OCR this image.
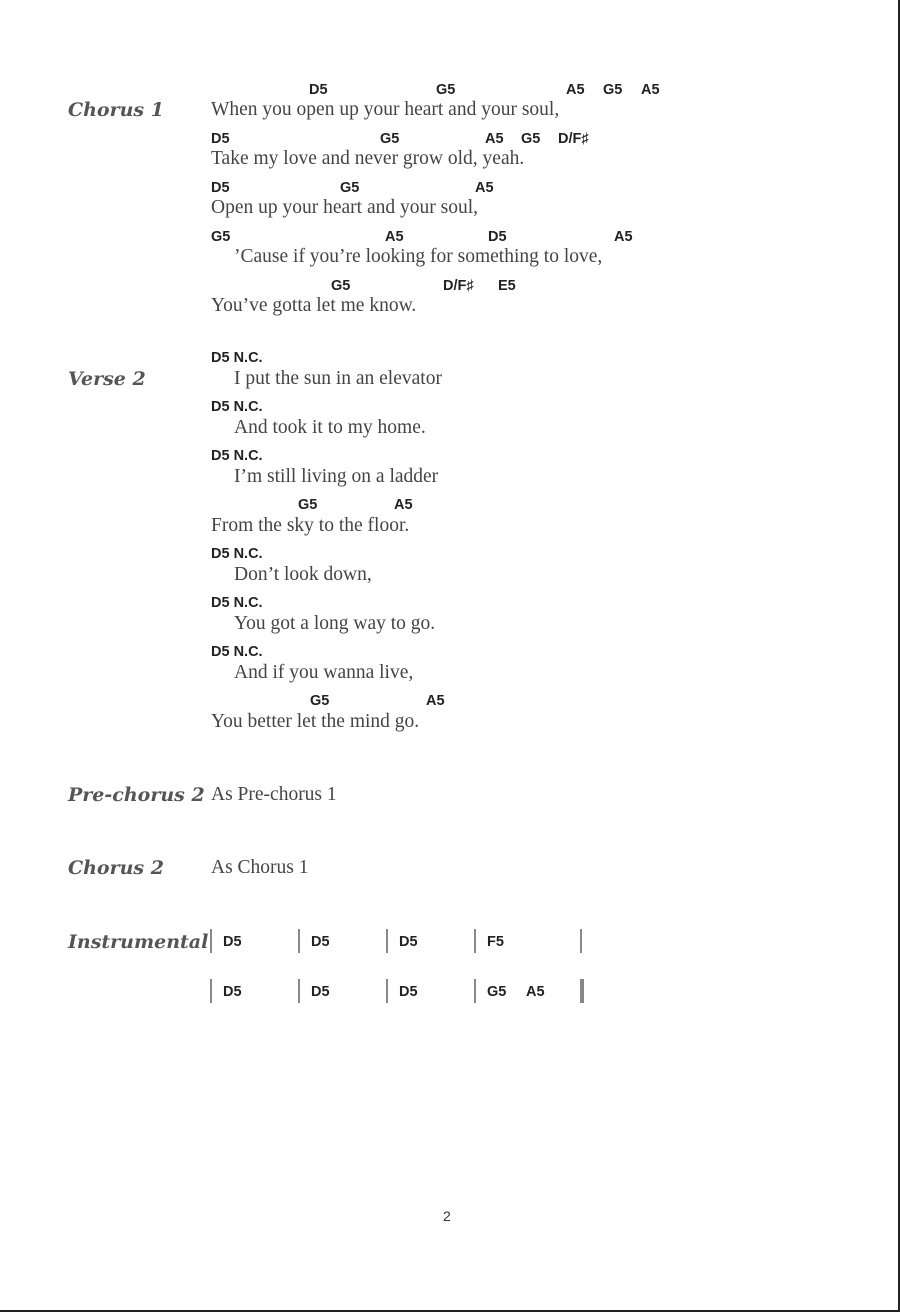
Chorus 1
D5	G5	A5 G5 A5
When you open up your heart and your soul,
D5	G5	A5 G5 D/F♯
Take my love and never grow old, yeah.
D5	G5	A5
Open up your heart and your soul,
G5	A5	D5	A5
’Cause if you’re looking for something to love,
G5	D/F♯ E5
You’ve gotta let me know.
Verse 2
D5 N.C.
I put the sun in an elevator
D5 N.C.
And took it to my home.
D5 N.C.
I’m still living on a ladder
G5	A5
From the sky to the floor.
D5 N.C.
Don’t look down,
D5 N.C.
You got a long way to go.
D5 N.C.
And if you wanna live,
G5	A5
You better let the mind go.
Pre-chorus 2 As Pre-chorus 1
Chorus 2 As Chorus 1
Instrumental D5	D5	D5	F5
D5	D5	D5	G5 A5
2
